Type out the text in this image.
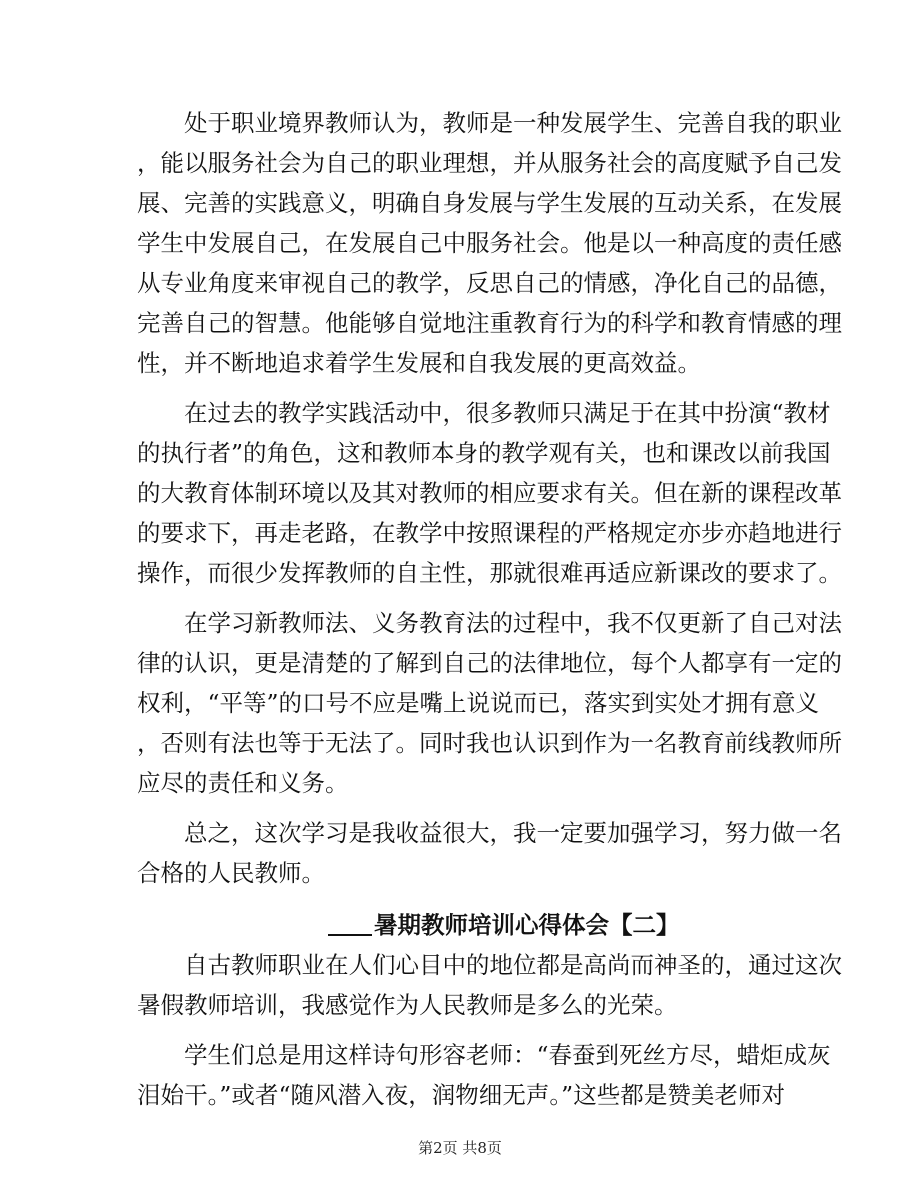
处于职业境界教师认为，教师是一种发展学生、完善自我的职业
，能以服务社会为自己的职业理想，并从服务社会的高度赋予自己发
展、完善的实践意义，明确自身发展与学生发展的互动关系，在发展
学生中发展自己，在发展自己中服务社会。他是以一种高度的责任感
从专业角度来审视自己的教学，反思自己的情感，净化自己的品德，
完善自己的智慧。他能够自觉地注重教育行为的科学和教育情感的理
性，并不断地追求着学生发展和自我发展的更高效益。
在过去的教学实践活动中，很多教师只满足于在其中扮演“教材
的执行者”的角色，这和教师本身的教学观有关，也和课改以前我国
的大教育体制环境以及其对教师的相应要求有关。但在新的课程改革
的要求下，再走老路，在教学中按照课程的严格规定亦步亦趋地进行
操作，而很少发挥教师的自主性，那就很难再适应新课改的要求了。
在学习新教师法、义务教育法的过程中，我不仅更新了自己对法
律的认识，更是清楚的了解到自己的法律地位，每个人都享有一定的
权利，“平等”的口号不应是嘴上说说而已，落实到实处才拥有意义
，否则有法也等于无法了。同时我也认识到作为一名教育前线教师所
应尽的责任和义务。
总之，这次学习是我收益很大，我一定要加强学习，努力做一名
合格的人民教师。
暑期教师培训心得体会【二】
自古教师职业在人们心目中的地位都是高尚而神圣的，通过这次
暑假教师培训，我感觉作为人民教师是多么的光荣。
学生们总是用这样诗句形容老师：“春蚕到死丝方尽，蜡炬成灰
泪始干。”或者“随风潜入夜，润物细无声。”这些都是赞美老师对
第2页 共8页
